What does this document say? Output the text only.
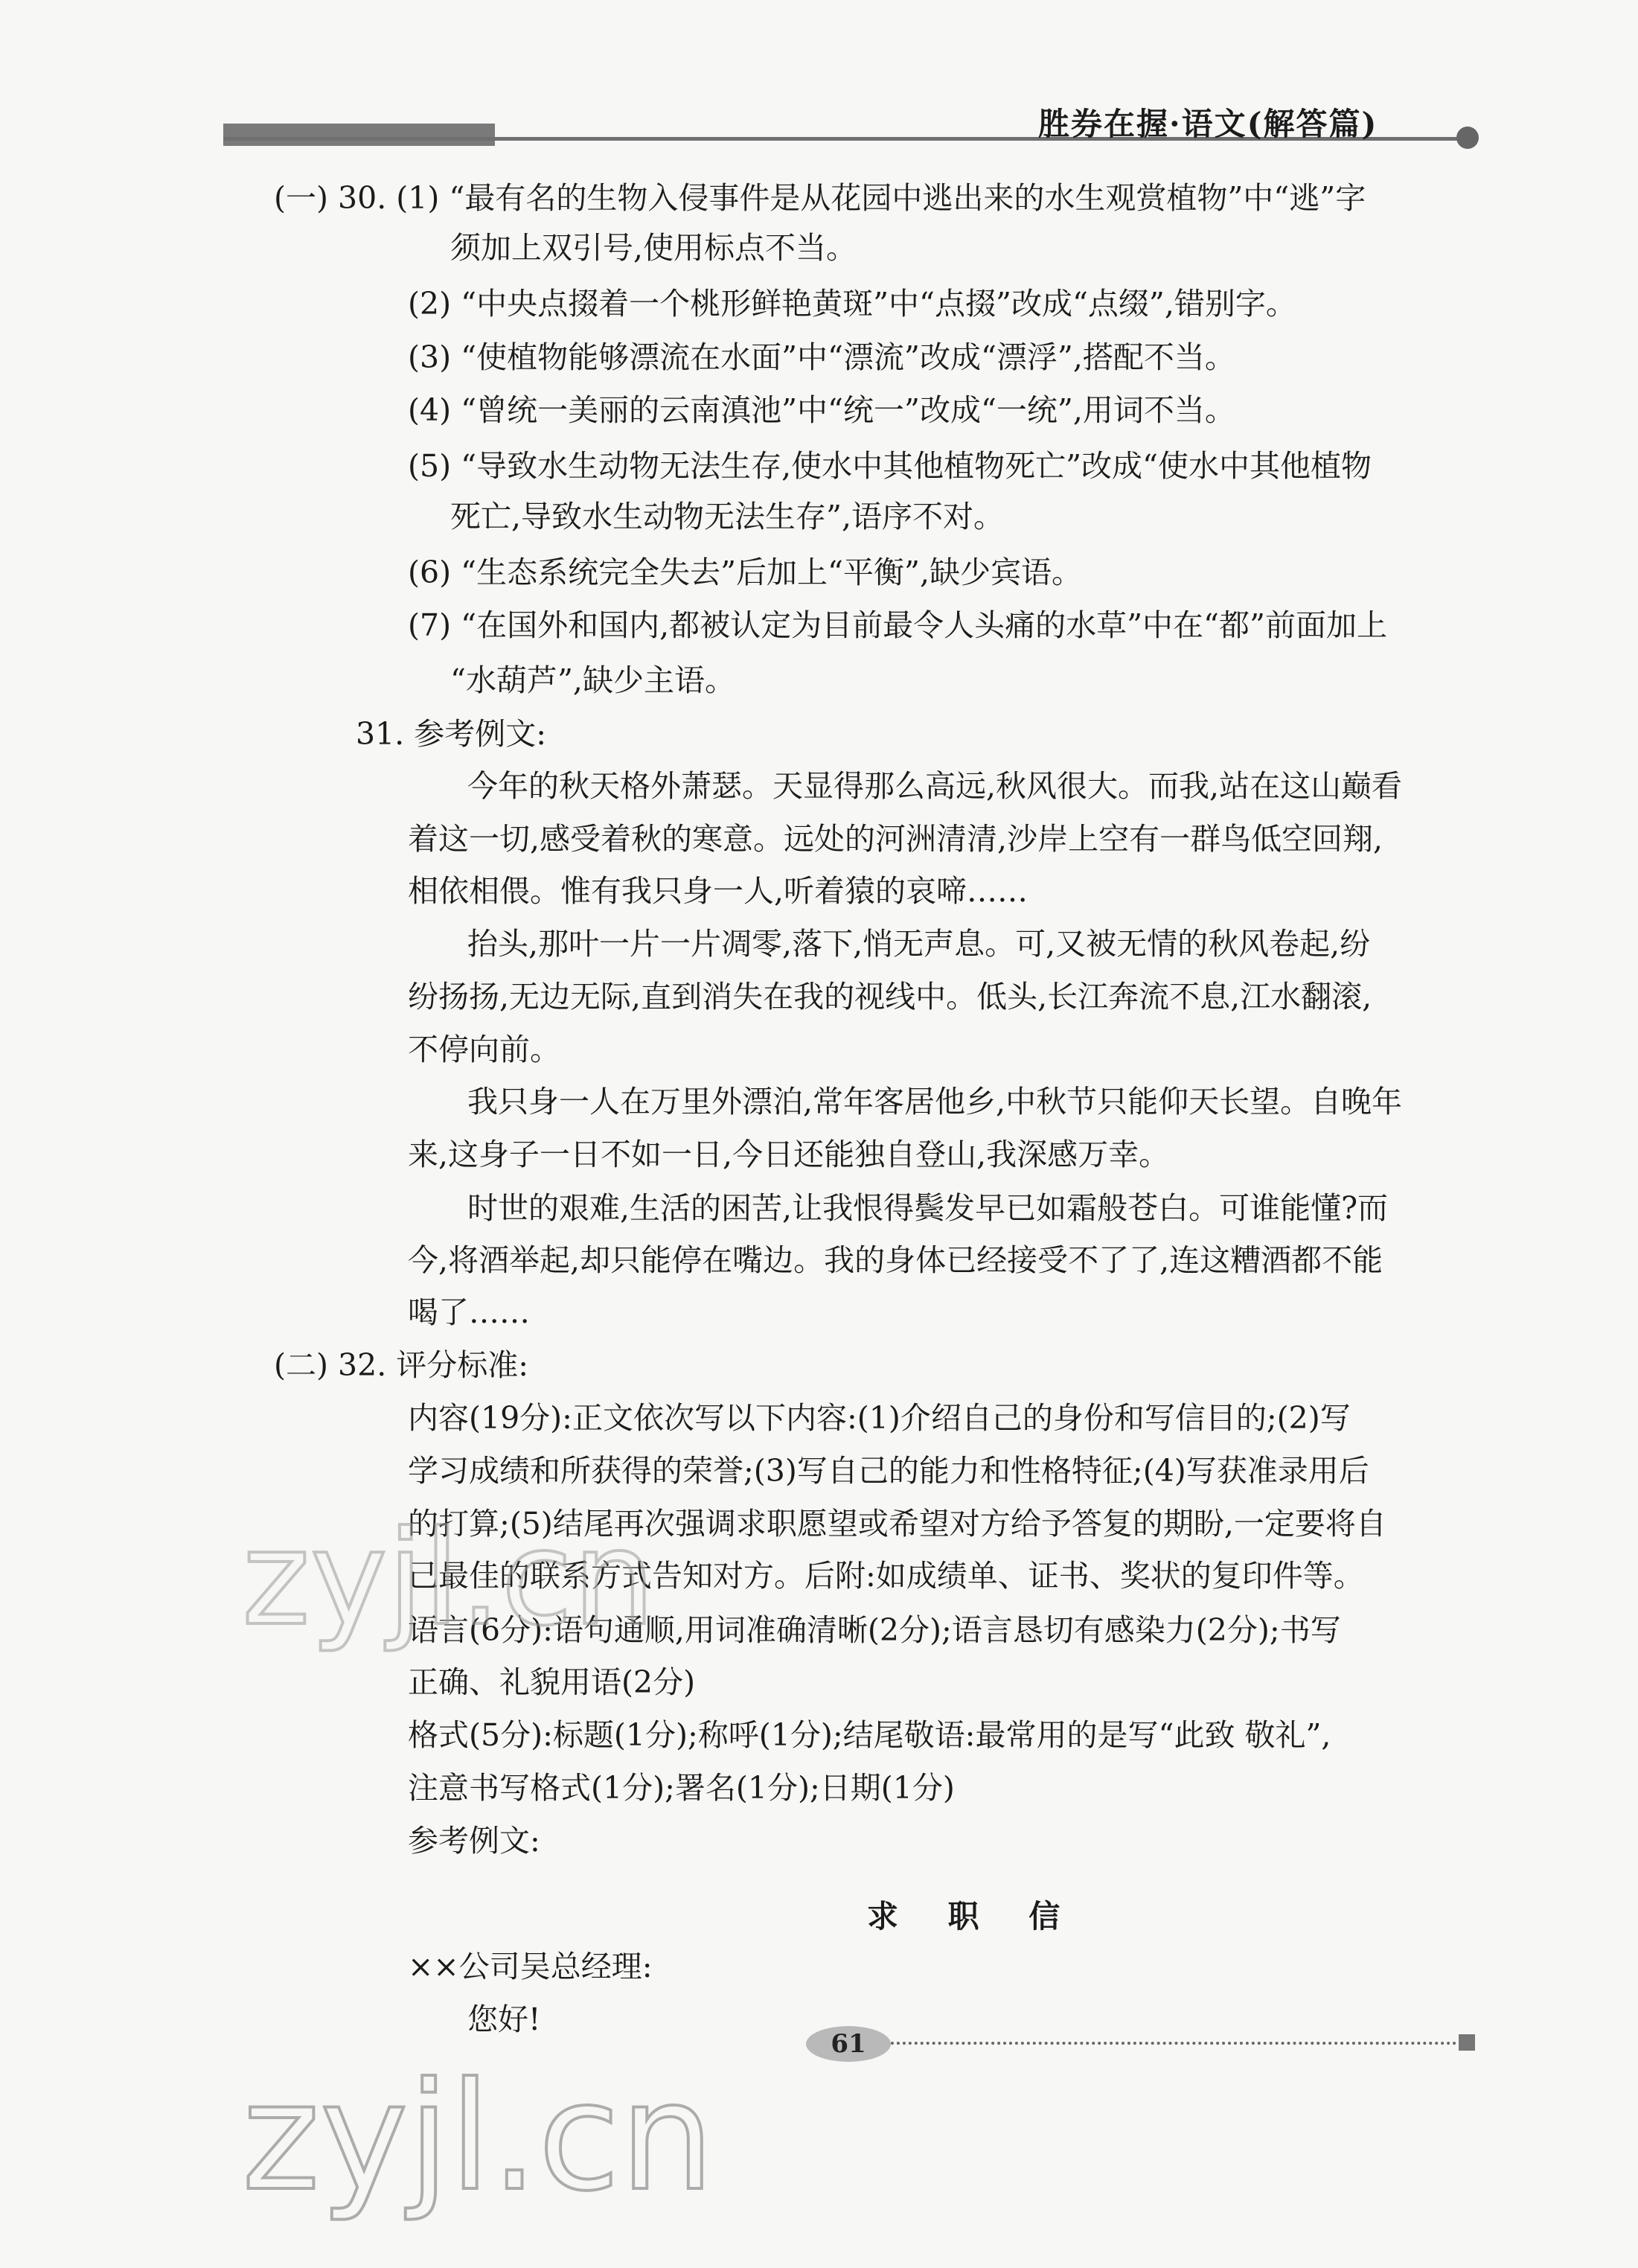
胜券在握·语文(解答篇)
(一) 30. (1) “最有名的生物入侵事件是从花园中逃出来的水生观赏植物”中“逃”字
须加上双引号,使用标点不当。
(2) “中央点掇着一个桃形鲜艳黄斑”中“点掇”改成“点缀”,错别字。
(3) “使植物能够漂流在水面”中“漂流”改成“漂浮”,搭配不当。
(4) “曾统一美丽的云南滇池”中“统一”改成“一统”,用词不当。
(5) “导致水生动物无法生存,使水中其他植物死亡”改成“使水中其他植物
死亡,导致水生动物无法生存”,语序不对。
(6) “生态系统完全失去”后加上“平衡”,缺少宾语。
(7) “在国外和国内,都被认定为目前最令人头痛的水草”中在“都”前面加上
“水葫芦”,缺少主语。
31. 参考例文:
今年的秋天格外萧瑟。天显得那么高远,秋风很大。而我,站在这山巅看
着这一切,感受着秋的寒意。远处的河洲清清,沙岸上空有一群鸟低空回翔,
相依相偎。惟有我只身一人,听着猿的哀啼……
抬头,那叶一片一片凋零,落下,悄无声息。可,又被无情的秋风卷起,纷
纷扬扬,无边无际,直到消失在我的视线中。低头,长江奔流不息,江水翻滚,
不停向前。
我只身一人在万里外漂泊,常年客居他乡,中秋节只能仰天长望。自晚年
来,这身子一日不如一日,今日还能独自登山,我深感万幸。
时世的艰难,生活的困苦,让我恨得鬓发早已如霜般苍白。可谁能懂?而
今,将酒举起,却只能停在嘴边。我的身体已经接受不了了,连这糟酒都不能
喝了……
(二) 32. 评分标准:
内容(19分):正文依次写以下内容:(1)介绍自己的身份和写信目的;(2)写
学习成绩和所获得的荣誉;(3)写自己的能力和性格特征;(4)写获准录用后
的打算;(5)结尾再次强调求职愿望或希望对方给予答复的期盼,一定要将自
己最佳的联系方式告知对方。后附:如成绩单、证书、奖状的复印件等。
语言(6分):语句通顺,用词准确清晰(2分);语言恳切有感染力(2分);书写
正确、礼貌用语(2分)
格式(5分):标题(1分);称呼(1分);结尾敬语:最常用的是写“此致 敬礼”,
注意书写格式(1分);署名(1分);日期(1分)
参考例文:
求 职 信
××公司吴总经理:
您好!
61
zyjl.cn
zyjl.cn
